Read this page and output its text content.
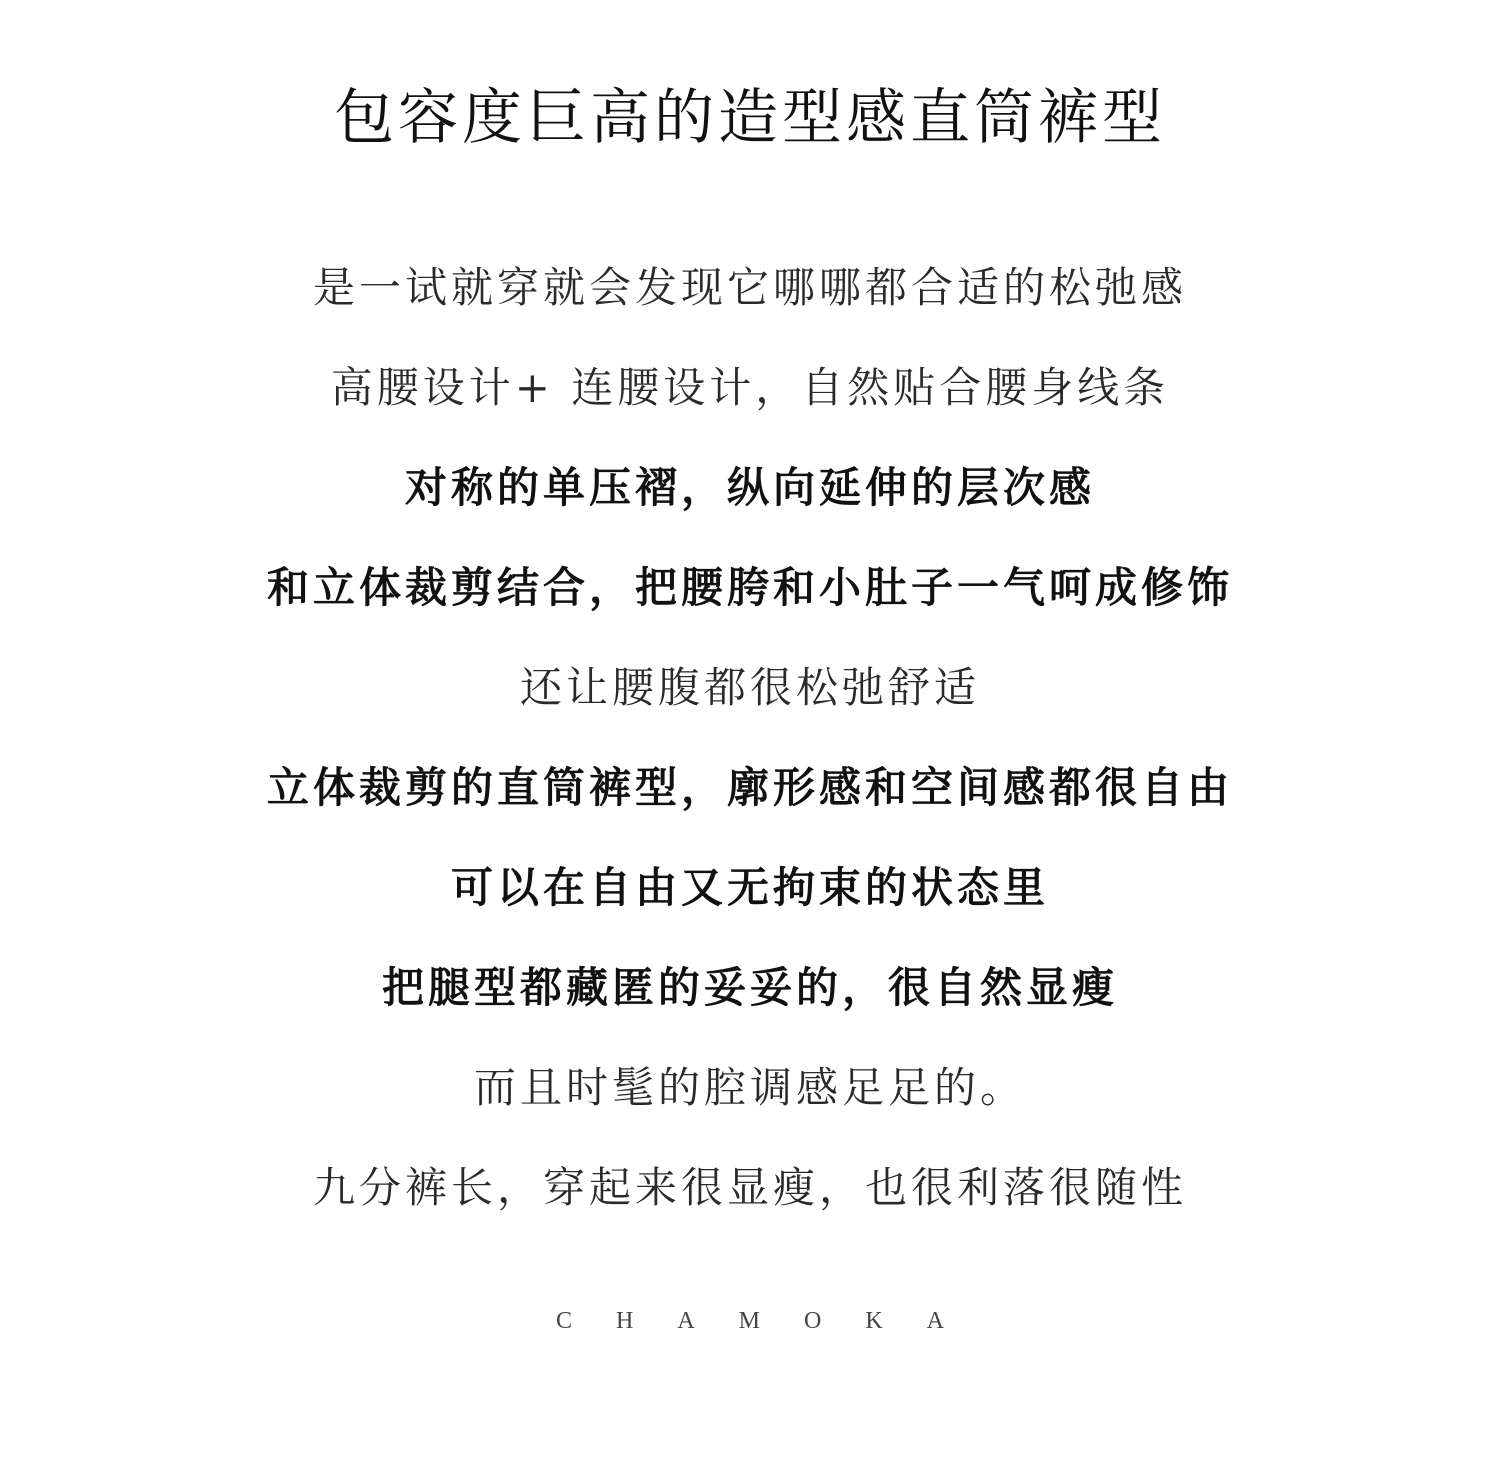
包容度巨高的造型感直筒裤型
是一试就穿就会发现它哪哪都合适的松弛感
高腰设计+ 连腰设计，自然贴合腰身线条
对称的单压褶，纵向延伸的层次感
和立体裁剪结合，把腰胯和小肚子一气呵成修饰
还让腰腹都很松弛舒适
立体裁剪的直筒裤型，廓形感和空间感都很自由
可以在自由又无拘束的状态里
把腿型都藏匿的妥妥的，很自然显瘦
而且时髦的腔调感足足的。
九分裤长，穿起来很显瘦，也很利落很随性
CHAMOKA
